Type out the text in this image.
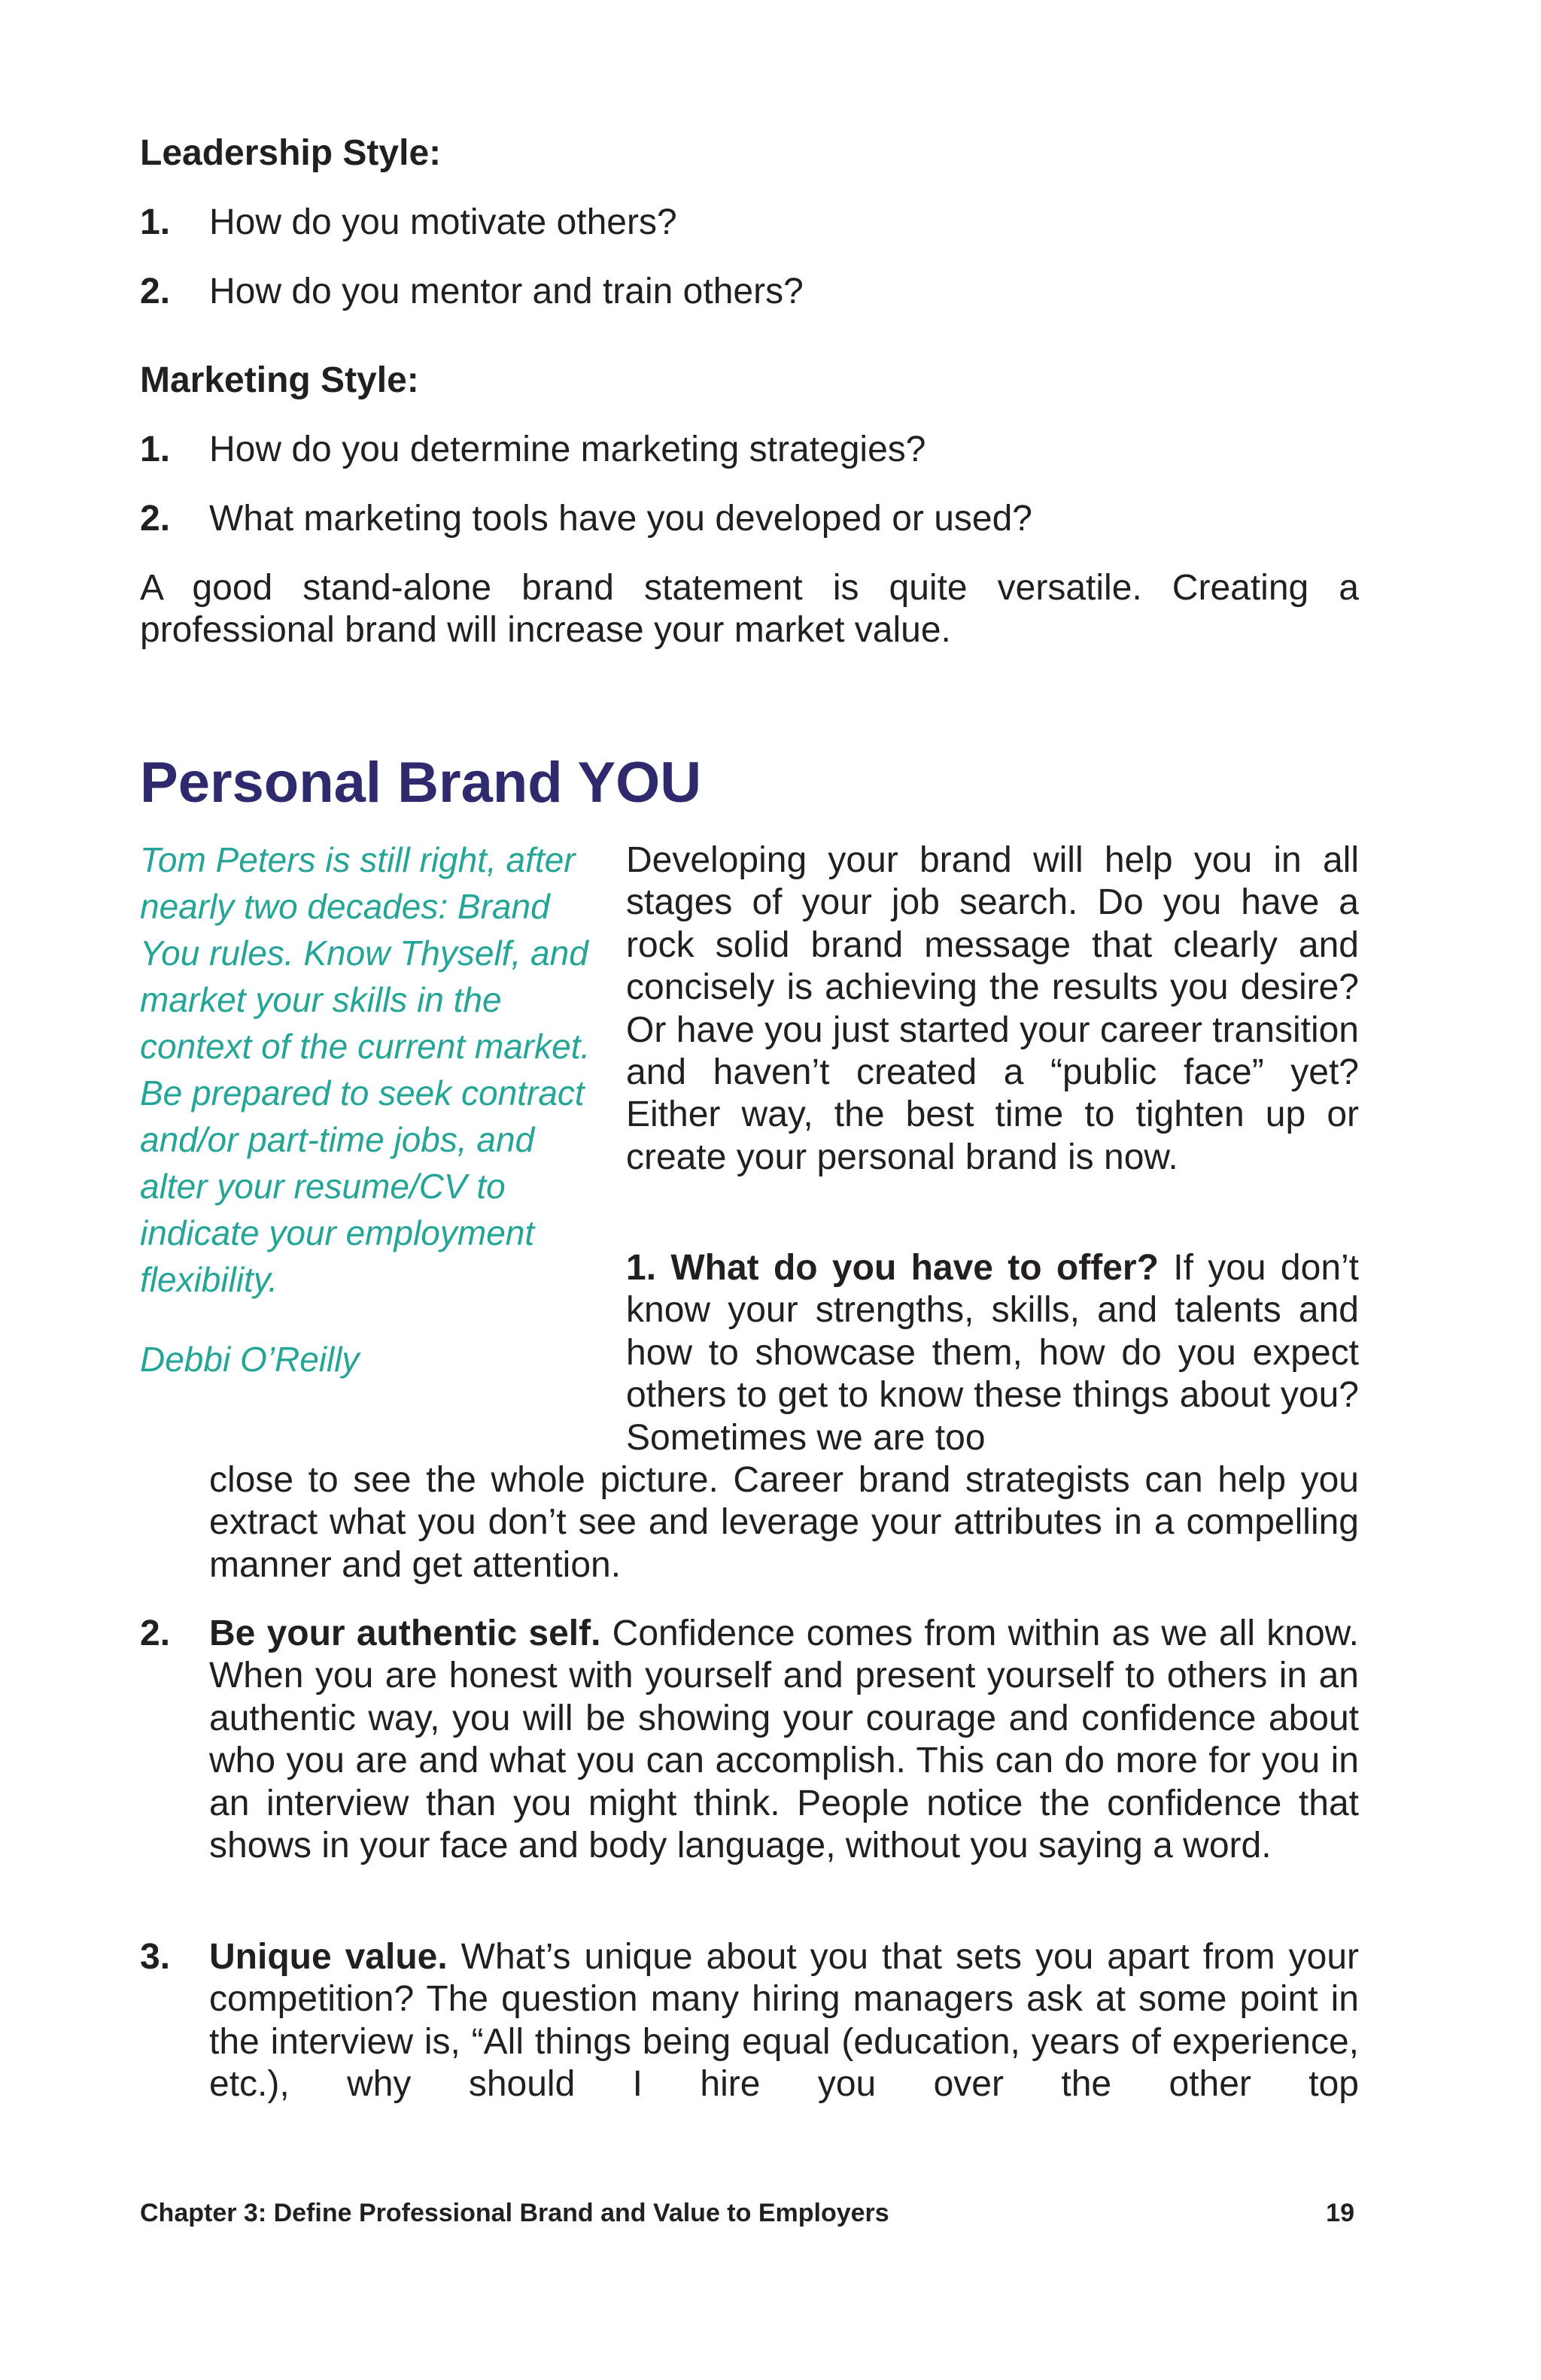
Leadership Style:
1. How do you motivate others?
2. How do you mentor and train others?
Marketing Style:
1. How do you determine marketing strategies?
2. What marketing tools have you developed or used?
A good stand-alone brand statement is quite versatile. Creating a professional brand will increase your market value.
Personal Brand YOU
Tom Peters is still right, after nearly two decades: Brand You rules. Know Thyself, and market your skills in the context of the current market. Be prepared to seek contract and/or part-time jobs, and alter your resume/CV to indicate your employment flexibility.
Debbi O’Reilly
Developing your brand will help you in all stages of your job search. Do you have a rock solid brand message that clearly and concisely is achieving the results you desire? Or have you just started your career transition and haven’t created a “public face” yet? Either way, the best time to tighten up or create your personal brand is now.
1. What do you have to offer? If you don’t know your strengths, skills, and talents and how to showcase them, how do you expect others to get to know these things about you? Sometimes we are too
close to see the whole picture. Career brand strategists can help you extract what you don’t see and leverage your attributes in a compelling manner and get attention.
2. Be your authentic self. Confidence comes from within as we all know. When you are honest with yourself and present yourself to others in an authentic way, you will be showing your courage and confidence about who you are and what you can accomplish. This can do more for you in an interview than you might think. People notice the confidence that shows in your face and body language, without you saying a word.
3. Unique value. What’s unique about you that sets you apart from your competition? The question many hiring managers ask at some point in the interview is, “All things being equal (education, years of experience, etc.), why should I hire you over the other top
Chapter 3: Define Professional Brand and Value to Employers	19
